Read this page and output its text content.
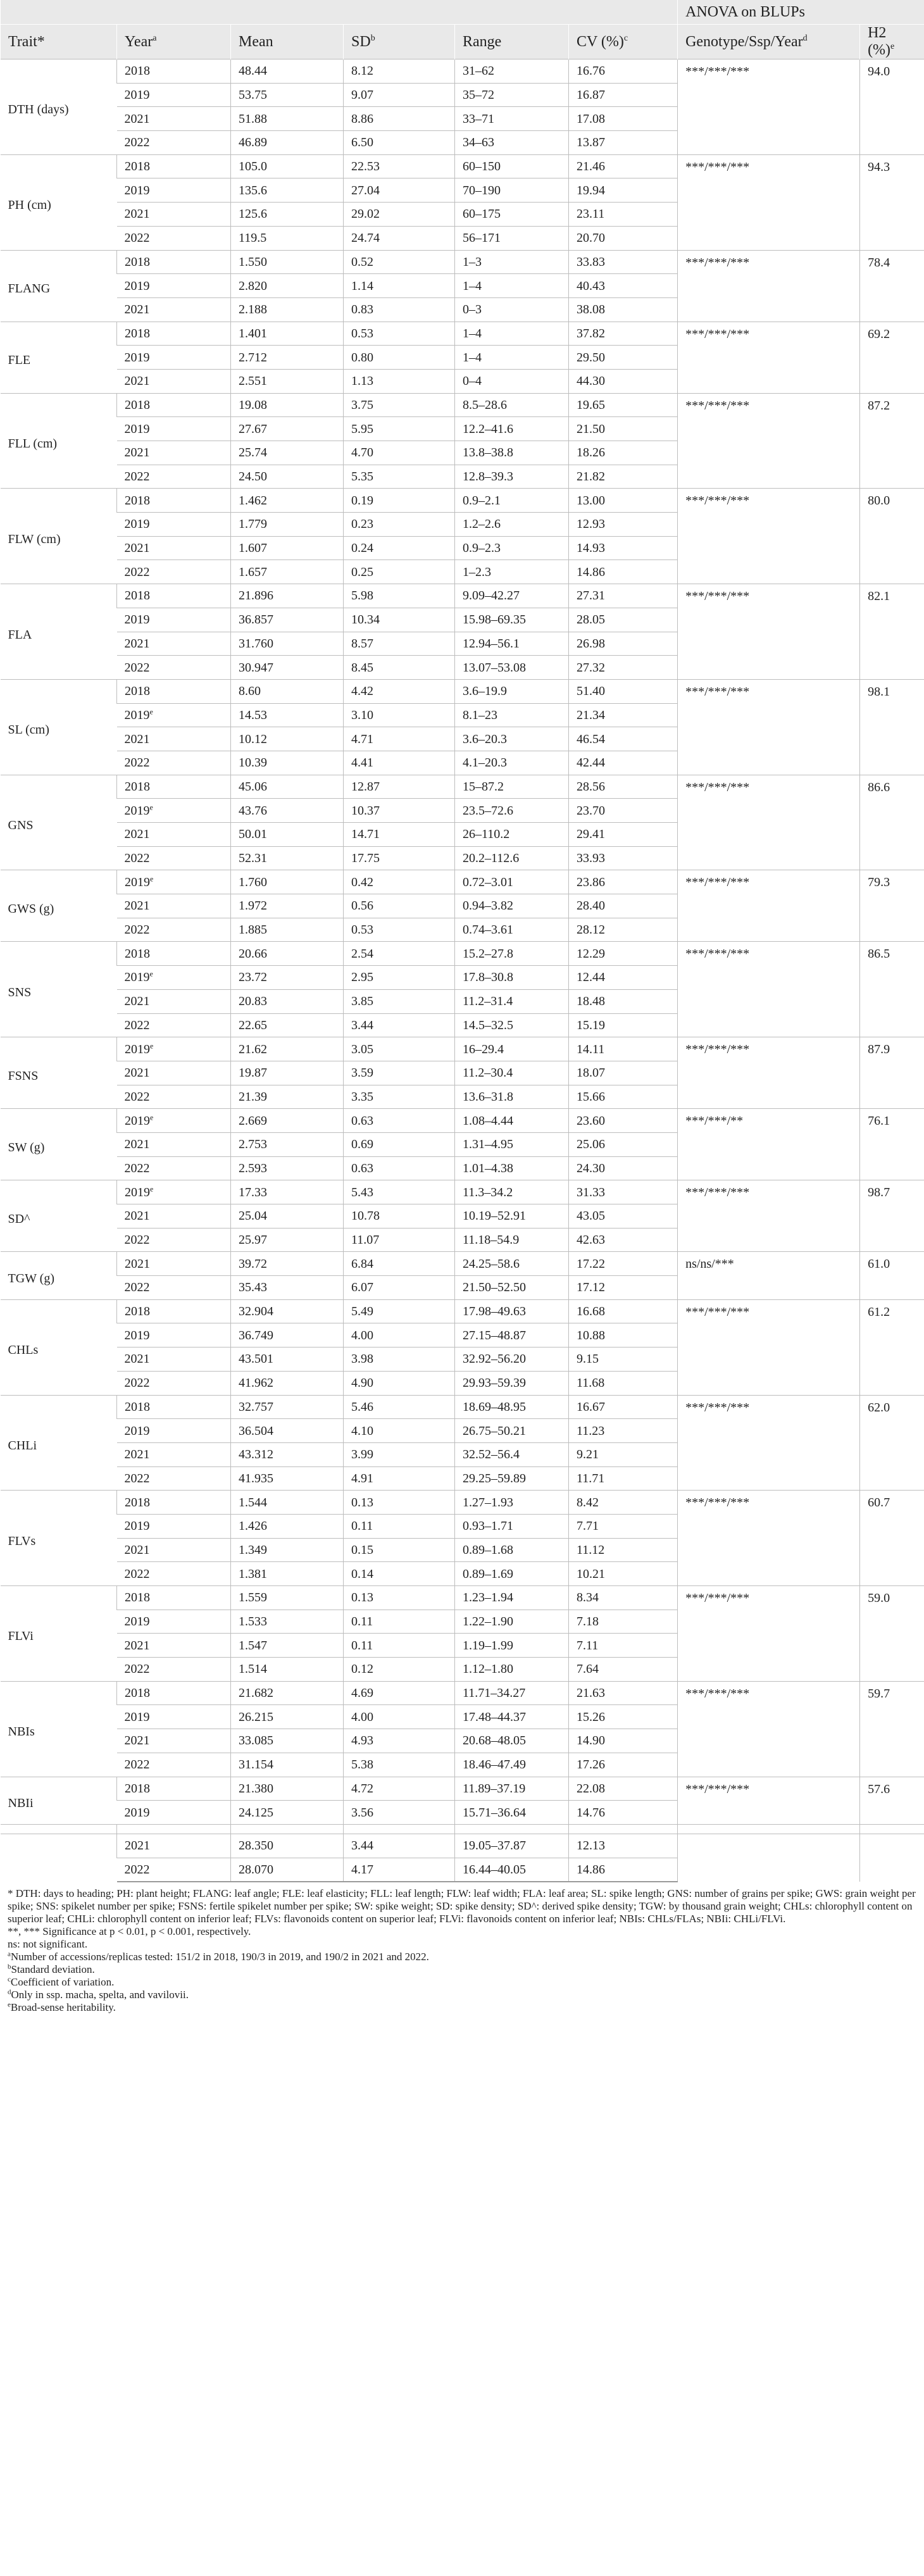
						ANOVA on BLUPs	
Trait*	Year$^a$	Mean	$SD^b$	Range	CV (%)$^c$	Genotype/Ssp/Year$^d$	H2 (%)$^e$
DTH (days)	2018	48.44	8.12	31–62	16.76	***/***/***	94.0
	2019	53.75	9.07	35–72	16.87		
	2021	51.88	8.86	33–71	17.08		
	2022	46.89	6.50	34–63	13.87		
PH (cm)	2018	105.0	22.53	60–150	21.46	***/***/***	94.3
	2019	135.6	27.04	70–190	19.94		
	2021	125.6	29.02	60–175	23.11		
	2022	119.5	24.74	56–171	20.70		
FLANG	2018	1.550	0.52	1–3	33.83	***/***/***	78.4
	2019	2.820	1.14	1–4	40.43		
	2021	2.188	0.83	0–3	38.08		
FLE	2018	1.401	0.53	1–4	37.82	***/***/***	69.2
	2019	2.712	0.80	1–4	29.50		
	2021	2.551	1.13	0–4	44.30		
FLL (cm)	2018	19.08	3.75	8.5–28.6	19.65	***/***/***	87.2
	2019	27.67	5.95	12.2–41.6	21.50		
	2021	25.74	4.70	13.8–38.8	18.26		
	2022	24.50	5.35	12.8–39.3	21.82		
FLW (cm)	2018	1.462	0.19	0.9–2.1	13.00	***/***/***	80.0
	2019	1.779	0.23	1.2–2.6	12.93		
	2021	1.607	0.24	0.9–2.3	14.93		
	2022	1.657	0.25	1–2.3	14.86		
FLA	2018	21.896	5.98	9.09–42.27	27.31	***/***/***	82.1
	2019	36.857	10.34	15.98–69.35	28.05		
	2021	31.760	8.57	12.94–56.1	26.98		
	2022	30.947	8.45	13.07–53.08	27.32		
SL (cm)	2018	8.60	4.42	3.6–19.9	51.40	***/***/***	98.1
	2019e	14.53	3.10	8.1–23	21.34		
	2021	10.12	4.71	3.6–20.3	46.54		
	2022	10.39	4.41	4.1–20.3	42.44		
GNS	2018	45.06	12.87	15–87.2	28.56	***/***/***	86.6
	2019e	43.76	10.37	23.5–72.6	23.70		
	2021	50.01	14.71	26–110.2	29.41		
	2022	52.31	17.75	20.2–112.6	33.93		
GWS (g)	2019e	1.760	0.42	0.72–3.01	23.86	***/***/***	79.3
	2021	1.972	0.56	0.94–3.82	28.40		
	2022	1.885	0.53	0.74–3.61	28.12		
SNS	2018	20.66	2.54	15.2–27.8	12.29	***/***/***	86.5
	2019e	23.72	2.95	17.8–30.8	12.44		
	2021	20.83	3.85	11.2–31.4	18.48		
	2022	22.65	3.44	14.5–32.5	15.19		
FSNS	2019e	21.62	3.05	16–29.4	14.11	***/***/***	87.9
	2021	19.87	3.59	11.2–30.4	18.07		
	2022	21.39	3.35	13.6–31.8	15.66		
SW (g)	2019e	2.669	0.63	1.08–4.44	23.60	***/***/**	76.1
	2021	2.753	0.69	1.31–4.95	25.06		
	2022	2.593	0.63	1.01–4.38	24.30		
SD^	2019e	17.33	5.43	11.3–34.2	31.33	***/***/***	98.7
	2021	25.04	10.78	10.19–52.91	43.05		
	2022	25.97	11.07	11.18–54.9	42.63		
TGW (g)	2021	39.72	6.84	24.25–58.6	17.22	ns/ns/***	61.0
	2022	35.43	6.07	21.50–52.50	17.12		
CHLs	2018	32.904	5.49	17.98–49.63	16.68	***/***/***	61.2
	2019	36.749	4.00	27.15–48.87	10.88		
	2021	43.501	3.98	32.92–56.20	9.15		
	2022	41.962	4.90	29.93–59.39	11.68		
CHLi	2018	32.757	5.46	18.69–48.95	16.67	***/***/***	62.0
	2019	36.504	4.10	26.75–50.21	11.23		
	2021	43.312	3.99	32.52–56.4	9.21		
	2022	41.935	4.91	29.25–59.89	11.71		
FLVs	2018	1.544	0.13	1.27–1.93	8.42	***/***/***	60.7
	2019	1.426	0.11	0.93–1.71	7.71		
	2021	1.349	0.15	0.89–1.68	11.12		
	2022	1.381	0.14	0.89–1.69	10.21		
FLVi	2018	1.559	0.13	1.23–1.94	8.34	***/***/***	59.0
	2019	1.533	0.11	1.22–1.90	7.18		
	2021	1.547	0.11	1.19–1.99	7.11		
	2022	1.514	0.12	1.12–1.80	7.64		
NBIs	2018	21.682	4.69	11.71–34.27	21.63	***/***/***	59.7
	2019	26.215	4.00	17.48–44.37	15.26		
	2021	33.085	4.93	20.68–48.05	14.90		
	2022	31.154	5.38	18.46–47.49	17.26		
NBIi	2018	21.380	4.72	11.89–37.19	22.08	***/***/***	57.6
	2019	24.125	3.56	15.71–36.64	14.76		

	2021	28.350	3.44	19.05–37.87	12.13		
	2022	28.070	4.17	16.44–40.05	14.86		
* DTH: days to heading; PH: plant height; FLANG: leaf angle; FLE: leaf elasticity; FLL: leaf length; FLW: leaf width; FLA: leaf area; SL: spike length; GNS: number of grains per spike; GWS: grain weight per spike; SNS: spikelet number per spike; FSNS: fertile spikelet number per spike; SW: spike weight; SD: spike density; SD^: derived spike density; TGW: by thousand grain weight; CHLs: chlorophyll content on superior leaf; CHLi: chlorophyll content on inferior leaf; FLVs: flavonoids content on superior leaf; FLVi: flavonoids content on inferior leaf; NBIs: CHLs/FLAs; NBIi: CHLi/FLVi.
**, *** Significance at p < 0.01, p < 0.001, respectively.
ns: not significant.
$^a$Number of accessions/replicas tested: 151/2 in 2018, 190/3 in 2019, and 190/2 in 2021 and 2022.
$^b$Standard deviation.
$^c$Coefficient of variation.
$^d$Only in ssp. macha, spelta, and vavilovii.
$^e$Broad-sense heritability.
